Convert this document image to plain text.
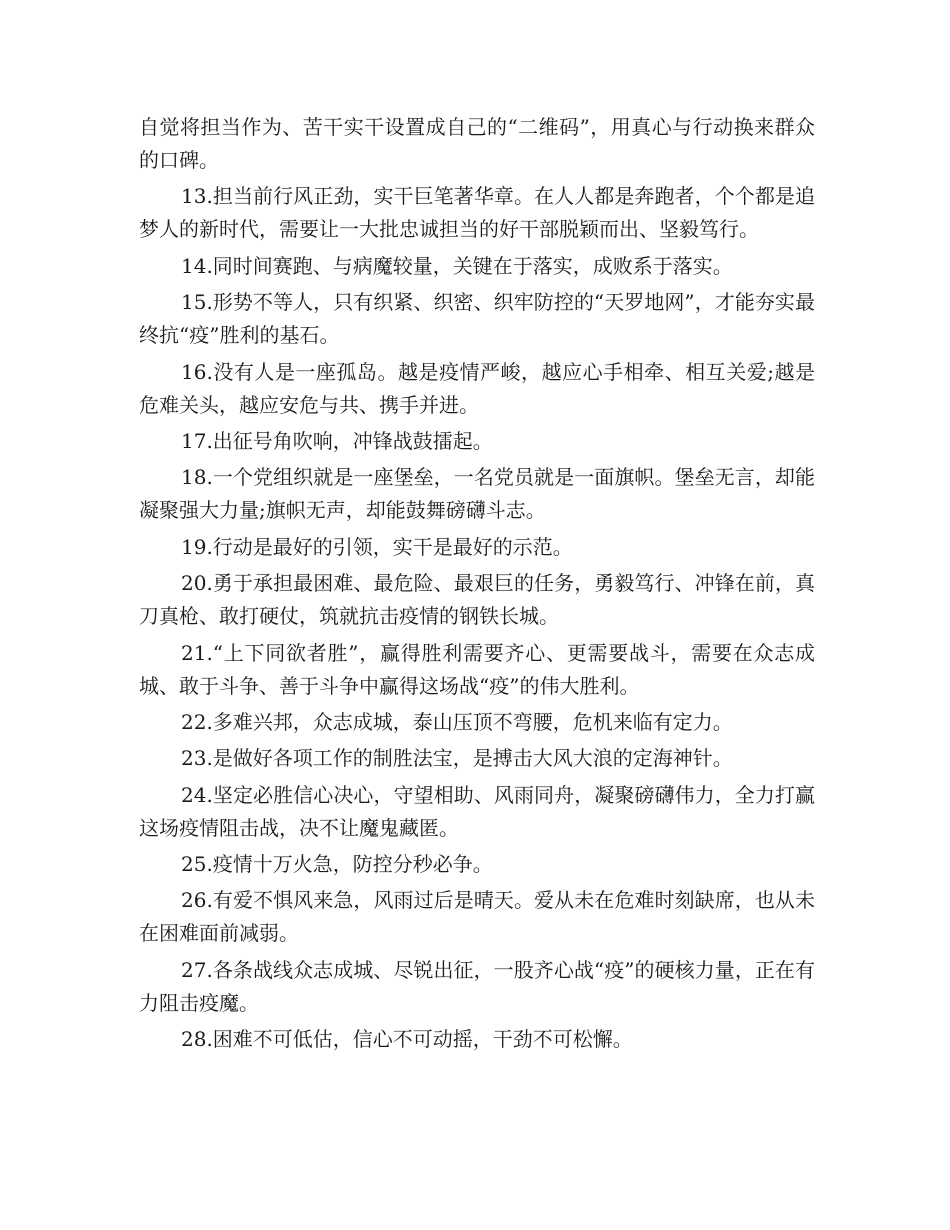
自觉将担当作为、苦干实干设置成自己的“二维码”，用真心与行动换来群众的口碑。

13.担当前行风正劲，实干巨笔著华章。在人人都是奔跑者，个个都是追梦人的新时代，需要让一大批忠诚担当的好干部脱颖而出、坚毅笃行。

14.同时间赛跑、与病魔较量，关键在于落实，成败系于落实。

15.形势不等人，只有织紧、织密、织牢防控的“天罗地网”，才能夯实最终抗“疫”胜利的基石。

16.没有人是一座孤岛。越是疫情严峻，越应心手相牵、相互关爱;越是危难关头，越应安危与共、携手并进。

17.出征号角吹响，冲锋战鼓擂起。

18.一个党组织就是一座堡垒，一名党员就是一面旗帜。堡垒无言，却能凝聚强大力量;旗帜无声，却能鼓舞磅礴斗志。

19.行动是最好的引领，实干是最好的示范。

20.勇于承担最困难、最危险、最艰巨的任务，勇毅笃行、冲锋在前，真刀真枪、敢打硬仗，筑就抗击疫情的钢铁长城。

21.“上下同欲者胜”，赢得胜利需要齐心、更需要战斗，需要在众志成城、敢于斗争、善于斗争中赢得这场战“疫”的伟大胜利。

22.多难兴邦，众志成城，泰山压顶不弯腰，危机来临有定力。

23.是做好各项工作的制胜法宝，是搏击大风大浪的定海神针。

24.坚定必胜信心决心，守望相助、风雨同舟，凝聚磅礴伟力，全力打赢这场疫情阻击战，决不让魔鬼藏匿。

25.疫情十万火急，防控分秒必争。

26.有爱不惧风来急，风雨过后是晴天。爱从未在危难时刻缺席，也从未在困难面前减弱。

27.各条战线众志成城、尽锐出征，一股齐心战“疫”的硬核力量，正在有力阻击疫魔。

28.困难不可低估，信心不可动摇，干劲不可松懈。
